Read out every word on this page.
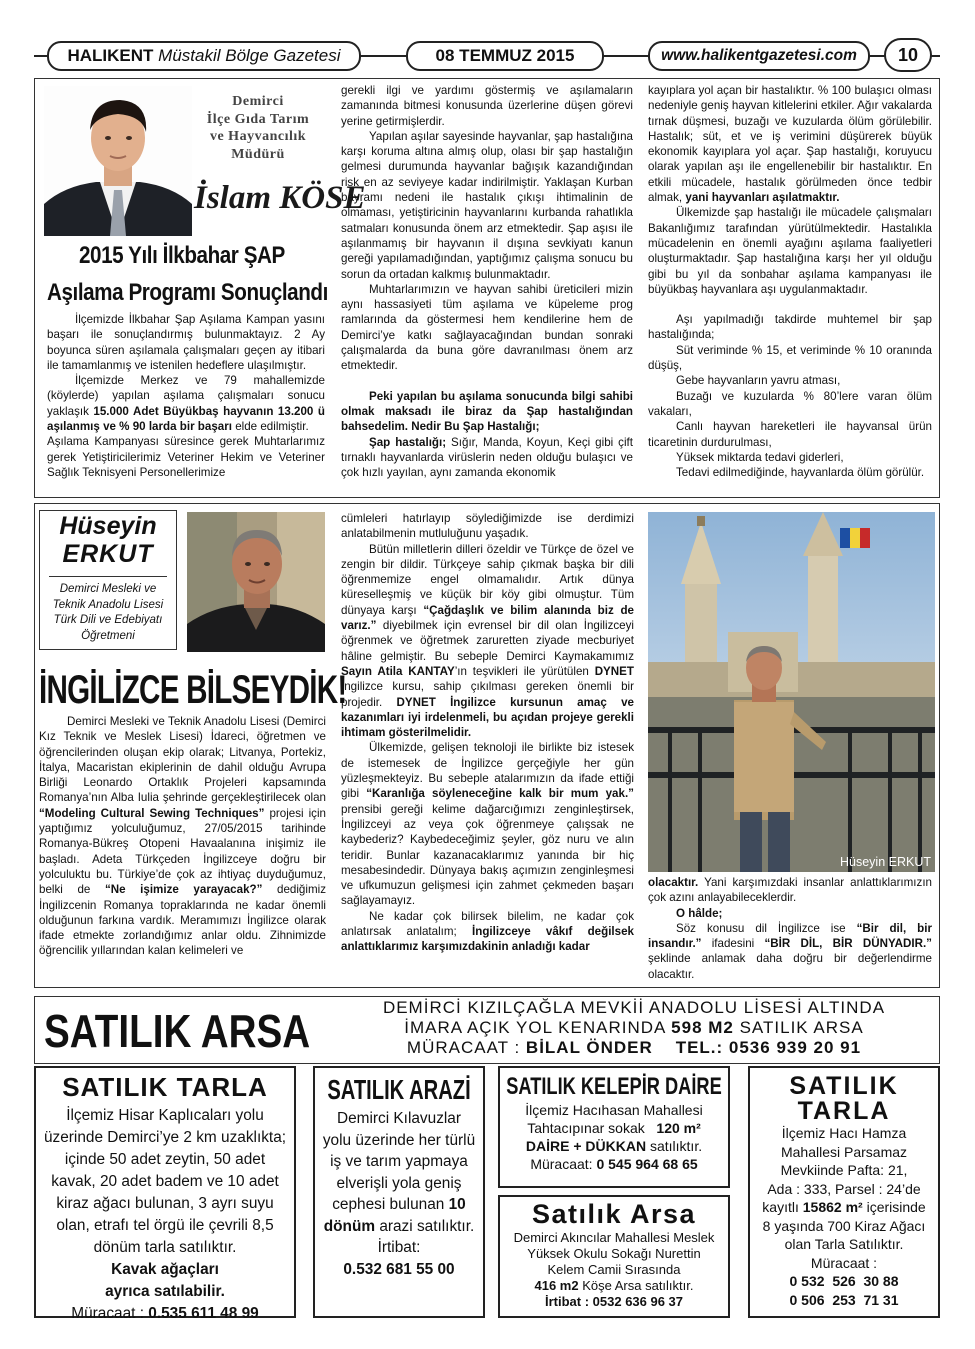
HALIKENT
Müstakil Bölge Gazetesi	08 TEMMUZ 2015	www.halikentgazetesi.com 10
Demirci
İlçe Gıda Tarım
ve Hayvancılık
Müdürü
İslam KÖSE
2015 Yılı İlkbahar ŞAP
Aşılama Programı Sonuçlandı

İlçemizde İlkbahar Şap Aşılama Kampan yasını başarı ile sonuçlandırmış bulunmaktayız. 2 Ay boyunca süren aşılamala çalışmaları geçen ay itibari ile tamamlanmış ve istenilen hedeflere ulaşılmıştır.

İlçemizde Merkez ve 79 mahallemizde (köylerde) yapılan aşılama çalışmaları sonucu yaklaşık 15.000 Adet Büyükbaş hayvanın 13.200 ü aşılanmış ve % 90 larda bir başarı elde edilmiştir.

Aşılama Kampanyası süresince gerek Muhtarlarımız gerek Yetiştiricilerimiz Veteriner Hekim ve Veteriner Sağlık Teknisyeni Personellerimize

gerekli ilgi ve yardımı göstermiş ve aşılamaların zamanında bitmesi konusunda üzerlerine düşen görevi yerine getirmişlerdir.

Yapılan aşılar sayesinde hayvanlar, şap hastalığına karşı koruma altına almış olup, olası bir şap hastalığın gelmesi durumunda hayvanlar bağışık kazandığından risk en az seviyeye kadar indirilmiştir. Yaklaşan Kurban bayramı nedeni ile hastalık çıkışı ihtimalinin de olmaması, yetiştiricinin hayvanlarını kurbanda rahatlıkla satmaları konusunda önem arz etmektedir. Şap aşısı ile aşılanmamış bir hayvanın il dışına sevkiyatı kanun gereği yapılamadığından, yaptığımız çalışma sonucu bu sorun da ortadan kalkmış bulunmaktadır.

Muhtarlarımızın ve hayvan sahibi üreticileri mizin aynı hassasiyeti tüm aşılama ve küpeleme prog ramlarında da göstermesi hem kendilerine hem de Demirci’ye katkı sağlayacağından bundan sonraki çalışmalarda da buna göre davranılması önem arz etmektedir.

Peki yapılan bu aşılama sonucunda bilgi sahibi olmak maksadı ile biraz da Şap hastalığından bahsedelim. Nedir Bu Şap Hastalığı;

Şap hastalığı; Sığır, Manda, Koyun, Keçi gibi çift tırnaklı hayvanlarda virüslerin neden olduğu bulaşıcı ve çok hızlı yayılan, aynı zamanda ekonomik

kayıplara yol açan bir hastalıktır. % 100 bulaşıcı olması nedeniyle geniş hayvan kitlelerini etkiler. Ağır vakalarda tırnak düşmesi, buzağı ve kuzularda ölüm görülebilir. Hastalık; süt, et ve iş verimini düşürerek büyük ekonomik kayıplara yol açar. Şap hastalığı, koruyucu olarak yapılan aşı ile engellenebilir bir hastalıktır. En etkili mücadele, hastalık görülmeden önce tedbir almak, yani hayvanları aşılatmaktır.

Ülkemizde şap hastalığı ile mücadele çalışmaları Bakanlığımız tarafından yürütülmektedir. Hastalıkla mücadelenin en önemli ayağını aşılama faaliyetleri oluşturmaktadır. Şap hastalığına karşı her yıl olduğu gibi bu yıl da sonbahar aşılama kampanyası ile büyükbaş hayvanlara aşı uygulanmaktadır.

Aşı yapılmadığı takdirde muhtemel bir şap hastalığında;

Süt veriminde % 15, et veriminde % 10 oranında düşüş,

Gebe hayvanların yavru atması,

Buzağı ve kuzularda % 80’lere varan ölüm vakaları,

Canlı hayvan hareketleri ile hayvansal ürün ticaretinin durdurulması,

Yüksek miktarda tedavi giderleri,

Tedavi edilmediğinde, hayvanlarda ölüm görülür.

Hüseyin
ERKUT
Demirci Mesleki ve
Teknik Anadolu Lisesi
Türk Dili ve Edebiyatı
Öğretmeni
İNGİLİZCE BİLSEYDİK!

Demirci Mesleki ve Teknik Anadolu Lisesi (Demirci Kız Teknik ve Meslek Lisesi) İdareci, öğretmen ve öğrencilerinden oluşan ekip olarak; Litvanya, Portekiz, İtalya, Macaristan ekiplerinin de dahil olduğu Avrupa Birliği Leonardo Ortaklık Projeleri kapsamında Romanya’nın Alba Iulia şehrinde gerçekleştirilecek olan “Modeling Cultural Sewing Techniques” projesi için yaptığımız yolculuğumuz, 27/05/2015 tarihinde Romanya-Bükreş Otopeni Havaalanına inişimiz ile başladı. Adeta Türkçeden İngilizceye doğru bir yolculuktu bu. Türkiye’de çok az ihtiyaç duyduğumuz, belki de “Ne işimize yarayacak?” dediğimiz İngilizcenin Romanya topraklarında ne kadar önemli olduğunun farkına vardık. Meramımızı İngilizce olarak ifade etmekte zorlandığımız anlar oldu. Zihnimizde öğrencilik yıllarından kalan kelimeleri ve

cümleleri hatırlayıp söylediğimizde ise derdimizi anlatabilmenin mutluluğunu yaşadık.

Bütün milletlerin dilleri özeldir ve Türkçe de özel ve zengin bir dildir. Türkçeye sahip çıkmak başka bir dili öğrenmemize engel olmamalıdır. Artık dünya küreselleşmiş ve küçük bir köy gibi olmuştur. Tüm dünyaya karşı “Çağdaşlık ve bilim alanında biz de varız.” diyebilmek için evrensel bir dil olan İngilizceyi öğrenmek ve öğretmek zaruretten ziyade mecburiyet hâline gelmiştir. Bu sebeple Demirci Kaymakamımız Sayın Atila KANTAY’ın teşvikleri ile yürütülen DYNET İngilizce kursu, sahip çıkılması gereken önemli bir projedir. DYNET İngilizce kursunun amaç ve kazanımları iyi irdelenmeli, bu açıdan projeye gerekli ihtimam gösterilmelidir.

Ülkemizde, gelişen teknoloji ile birlikte biz istesek de istemesek de İngilizce gerçeğiyle her gün yüzleşmekteyiz. Bu sebeple atalarımızın da ifade ettiği gibi “Karanlığa söyleneceğine kalk bir mum yak.” prensibi gereği kelime dağarcığımızı zenginleştirsek, İngilizceyi az veya çok öğrenmeye çalışsak ne kaybederiz? Kaybedeceğimiz şeyler, göz nuru ve alın teridir. Bunlar kazanacaklarımız yanında bir hiç mesabesindedir. Dünyaya bakış açımızın zenginleşmesi ve ufkumuzun gelişmesi için zahmet çekmeden başarı sağlayamayız.

Ne kadar çok bilirsek bilelim, ne kadar çok anlatırsak anlatalım; İngilizceye vâkıf değilsek anlattıklarımız karşımızdakinin anladığı kadar

Hüseyin ERKUT

olacaktır. Yani karşımızdaki insanlar anlattıklarımızın çok azını anlayabileceklerdir.

O hâlde;

Söz konusu dil İngilizce ise “Bir dil, bir insandır.” ifadesini “BİR DİL, BİR DÜNYADIR.” şeklinde anlamak daha doğru bir değerlendirme olacaktır.

SATILIK ARSA	DEMİRCİ KIZILÇAĞLA MEVKİİ ANADOLU LİSESİ ALTINDA
İMARA AÇIK YOL KENARINDA 598 M2 SATILIK ARSA
MÜRACAAT : BİLAL ÖNDER TEL.: 0536 939 20 91
SATILIK TARLA
İlçemiz Hisar Kaplıcaları yolu üzerinde Demirci’ye 2 km uzaklıkta; içinde 50 adet zeytin, 50 adet kavak, 20 adet badem ve 10 adet kiraz ağacı bulunan, 3 ayrı suyu olan, etrafı tel örgü ile çevrili 8,5 dönüm tarla satılıktır.
Kavak ağaçları
ayrıca satılabilir.
Müracaat : 0.535 611 48 99
SATILIK ARAZİ
Demirci Kılavuzlar yolu üzerinde her türlü iş ve tarım yapmaya elverişli yola geniş cephesi bulunan 10 dönüm arazi satılıktır.
İrtibat:
0.532 681 55 00
SATILIK KELEPİR DAİRE
İlçemiz Hacıhasan Mahallesi
Tahtacıpınar sokak 120 m²
DAİRE + DÜKKAN satılıktır.
Müracaat: 0 545 964 68 65
Satılık Arsa
Demirci Akıncılar Mahallesi Meslek
Yüksek Okulu Sokağı Nurettin
Kelem Camii Sırasında
416 m2 Köşe Arsa satılıktır.
İrtibat : 0532 636 96 37
SATILIK TARLA
İlçemiz Hacı Hamza
Mahallesi Parsamaz
Mevkiinde Pafta: 21,
Ada : 333, Parsel : 24’de
kayıtlı 15862 m² içerisinde
8 yaşında 700 Kiraz Ağacı
olan Tarla Satılıktır.
Müracaat :
0 532  526  30 88
0 506  253  71 31
